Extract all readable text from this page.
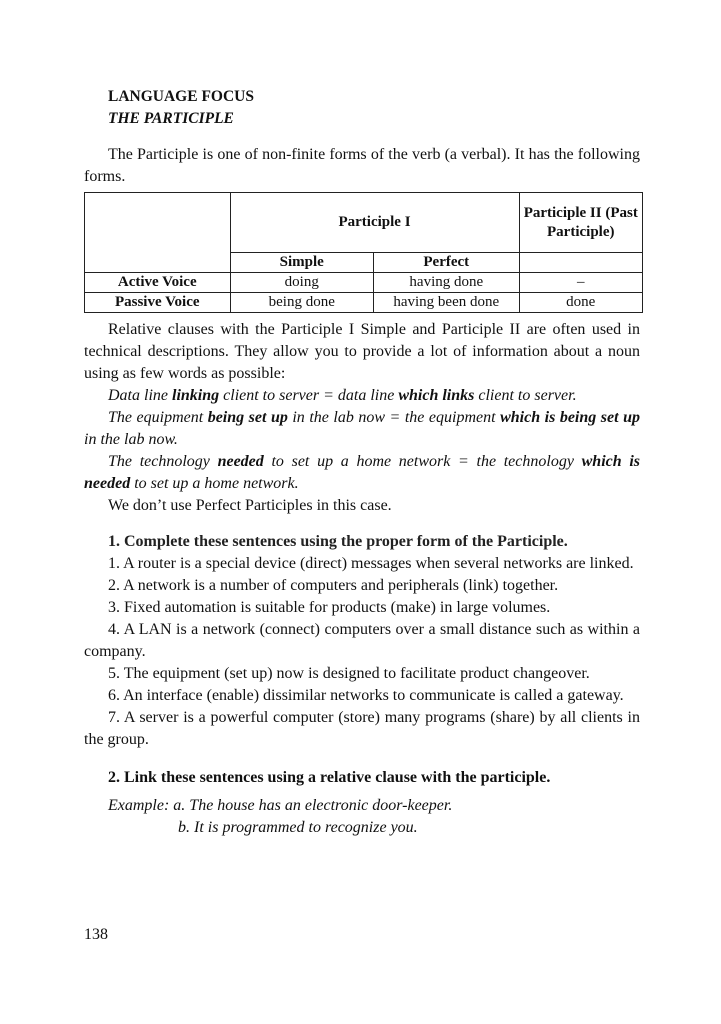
LANGUAGE FOCUS
THE PARTICIPLE

The Participle is one of non-finite forms of the verb (a verbal). It has the following forms.

	Participle I		Participle II (Past Participle)
	Simple	Perfect	
Active Voice	doing	having done	–
Passive Voice	being done	having been done	done

Relative clauses with the Participle I Simple and Participle II are often used in technical descriptions. They allow you to provide a lot of information about a noun using as few words as possible:

Data line linking client to server = data line which links client to server.

The equipment being set up in the lab now = the equipment which is being set up in the lab now.

The technology needed to set up a home network = the technology which is needed to set up a home network.

We don’t use Perfect Participles in this case.

1. Complete these sentences using the proper form of the Participle.

1. A router is a special device (direct) messages when several networks are linked.

2. A network is a number of computers and peripherals (link) together.

3. Fixed automation is suitable for products (make) in large volumes.

4. A LAN is a network (connect) computers over a small distance such as within a company.

5. The equipment (set up) now is designed to facilitate product changeover.

6. An interface (enable) dissimilar networks to communicate is called a gateway.

7. A server is a powerful computer (store) many programs (share) by all clients in the group.

2. Link these sentences using a relative clause with the participle.
Example: a. The house has an electronic door-keeper.
b. It is programmed to recognize you.
138
